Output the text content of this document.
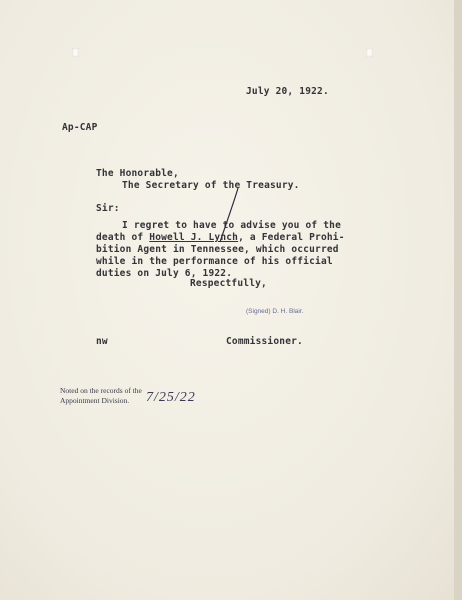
July 20, 1922.
Ap-CAP
The Honorable,
The Secretary of the Treasury.
Sir:
I regret to have to advise you of the
death of Howell J. Lynch, a Federal Prohi-
bition Agent in Tennessee, which occurred
while in the performance of his official
duties on July 6, 1922.
Respectfully,
(Signed) D. H. Blair.
nw	Commissioner.
Noted on the records of the
Appointment Division. 7/25/22
